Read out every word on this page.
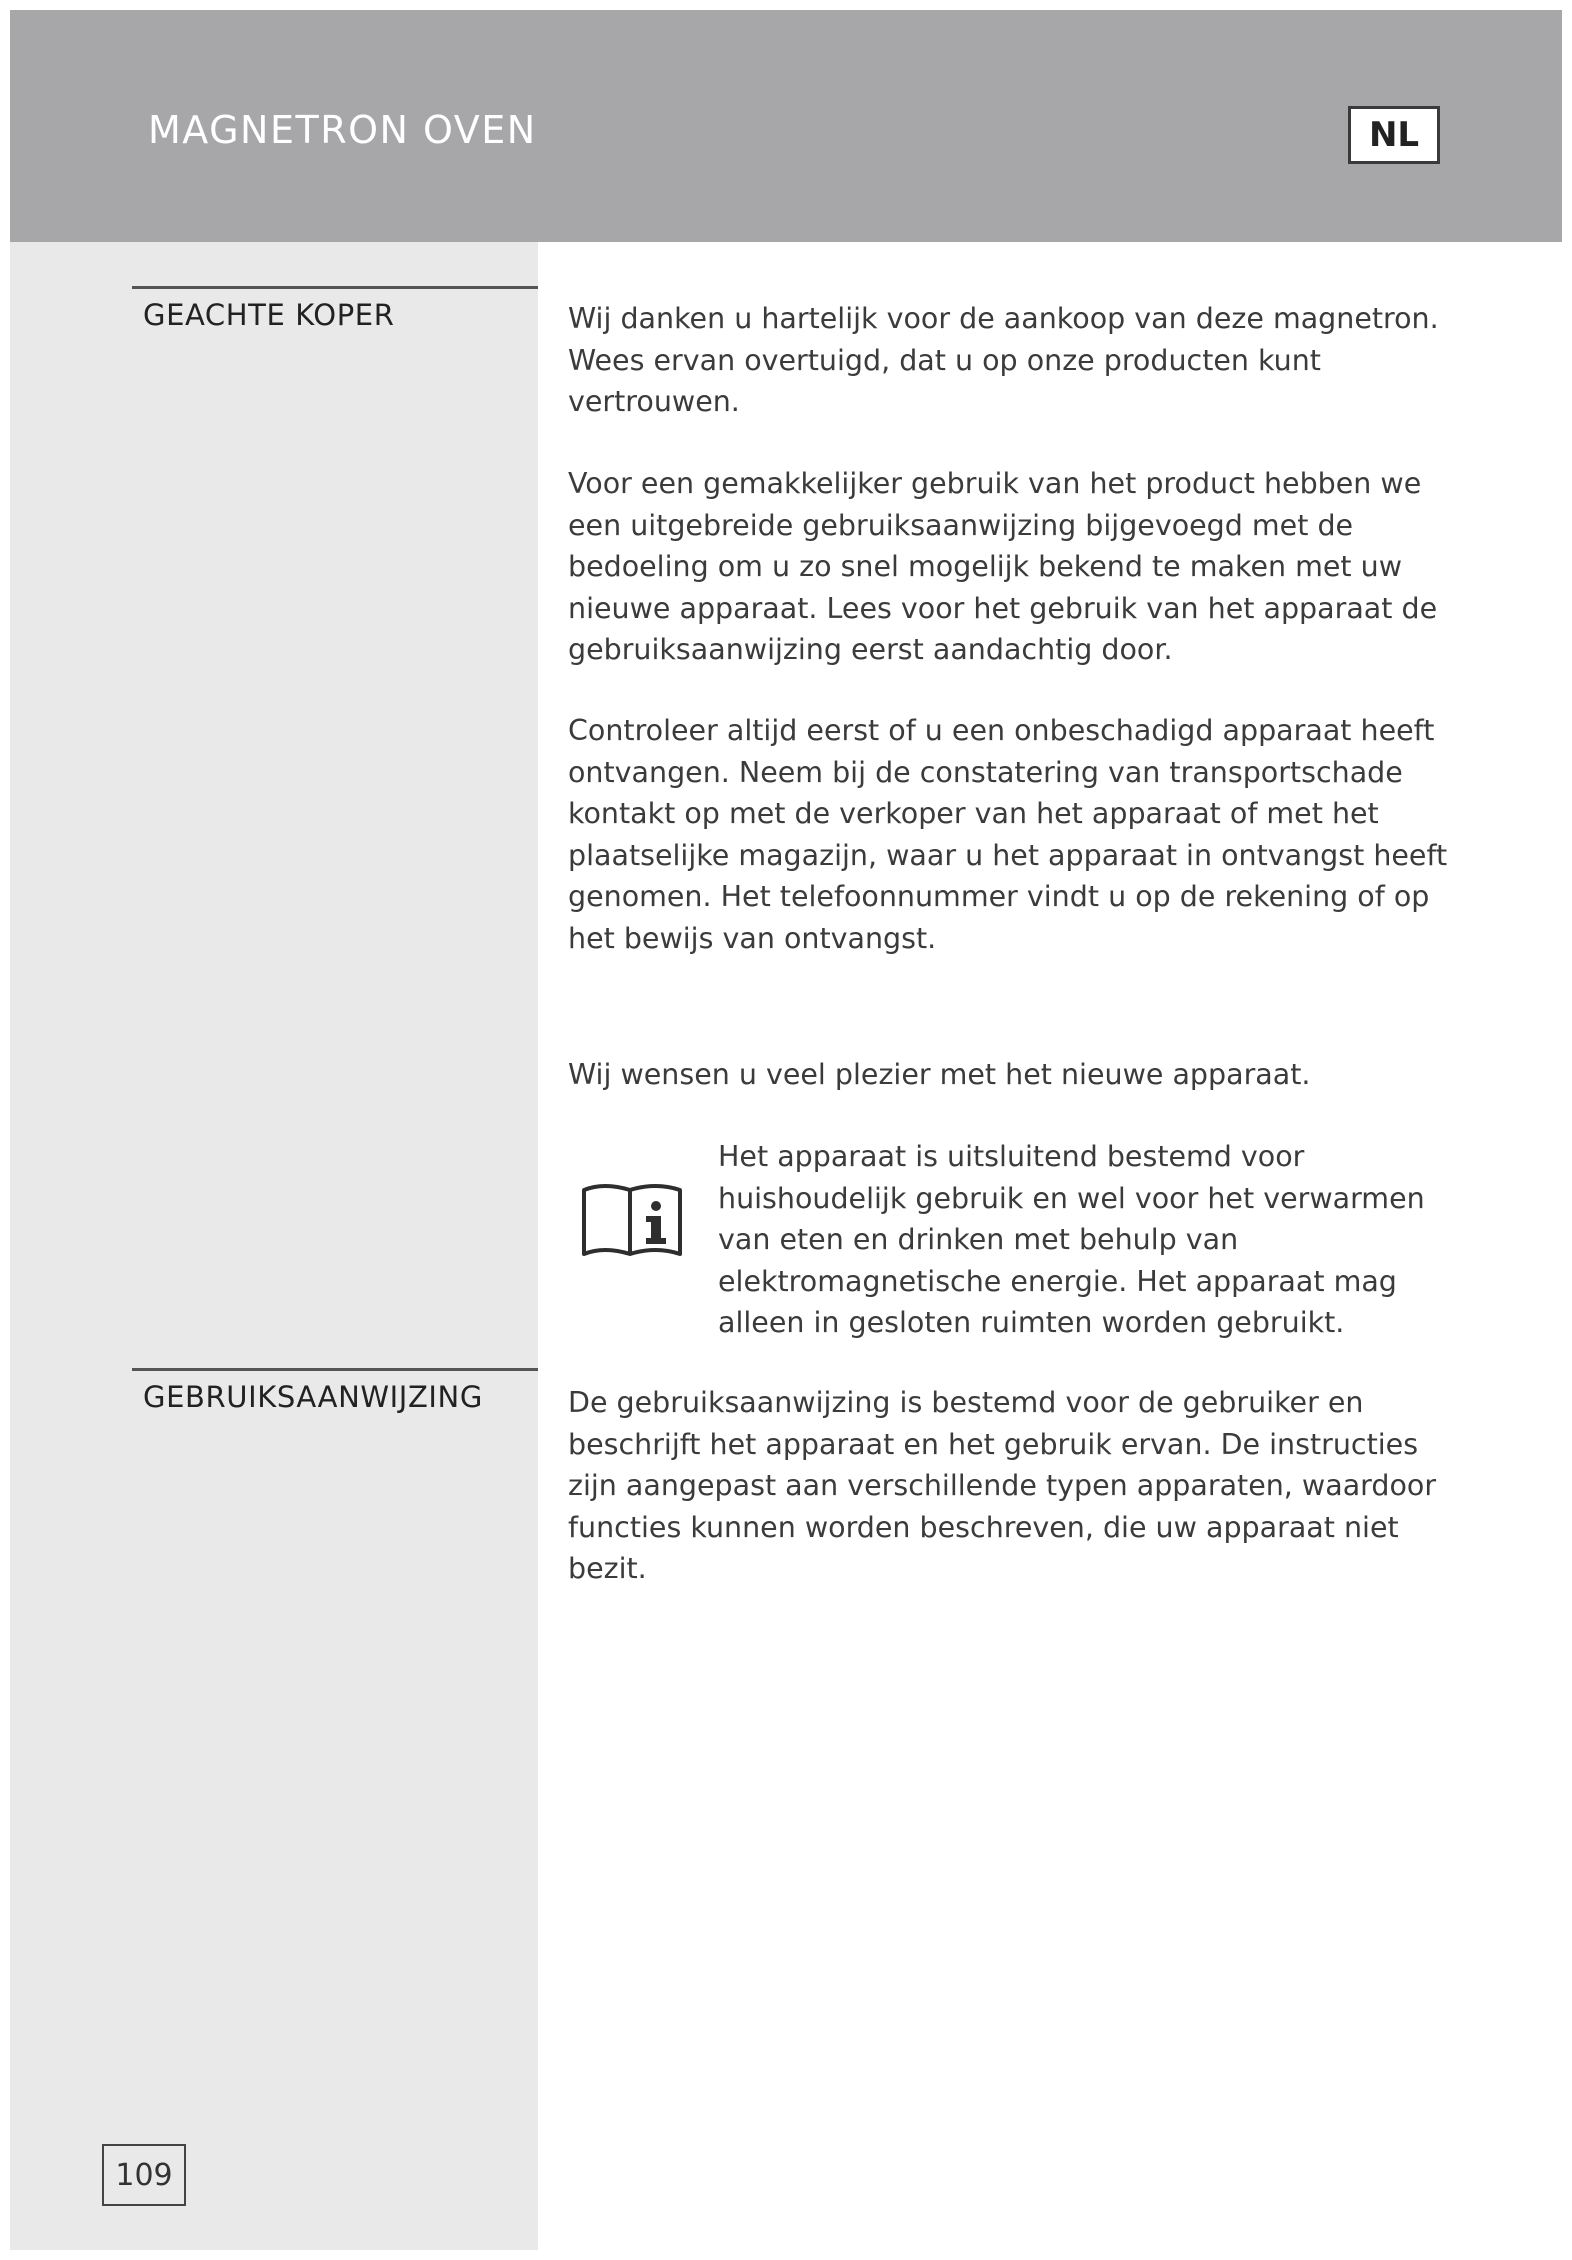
MAGNETRON OVEN	NL
GEACHTE KOPER	Wij danken u hartelijk voor de aankoop van deze magnetron. Wees ervan overtuigd, dat u op onze producten kunt vertrouwen.

Voor een gemakkelijker gebruik van het product hebben we een uitgebreide gebruiksaanwijzing bijgevoegd met de bedoeling om u zo snel mogelijk bekend te maken met uw nieuwe apparaat. Lees voor het gebruik van het apparaat de gebruiksaanwijzing eerst aandachtig door.

Controleer altijd eerst of u een onbeschadigd apparaat heeft ontvangen. Neem bij de constatering van transportschade kontakt op met de verkoper van het apparaat of met het plaatselijke magazijn, waar u het apparaat in ontvangst heeft genomen. Het telefoonnummer vindt u op de rekening of op het bewijs van ontvangst.

Wij wensen u veel plezier met het nieuwe apparaat.

Het apparaat is uitsluitend bestemd voor huishoudelijk gebruik en wel voor het verwarmen van eten en drinken met behulp van elektromagnetische energie. Het apparaat mag alleen in gesloten ruimten worden gebruikt.

GEBRUIKSAANWIJZING	De gebruiksaanwijzing is bestemd voor de gebruiker en beschrijft het apparaat en het gebruik ervan. De instructies zijn aangepast aan verschillende typen apparaten, waardoor functies kunnen worden beschreven, die uw apparaat niet bezit.

109
